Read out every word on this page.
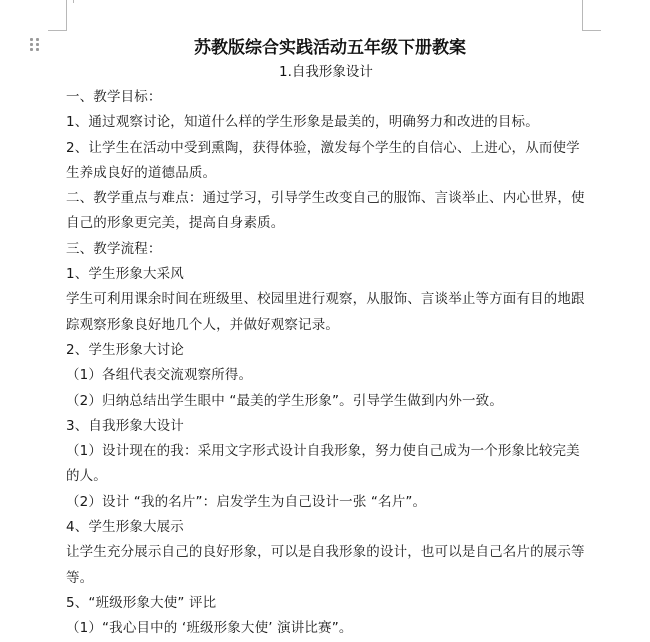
苏教版综合实践活动五年级下册教案
1.自我形象设计
一、教学目标：
1、通过观察讨论，知道什么样的学生形象是最美的，明确努力和改进的目标。
2、让学生在活动中受到熏陶，获得体验，激发每个学生的自信心、上进心，从而使学
生养成良好的道德品质。
二、教学重点与难点：通过学习，引导学生改变自己的服饰、言谈举止、内心世界，使
自己的形象更完美，提高自身素质。
三、教学流程：
1、学生形象大采风
学生可利用课余时间在班级里、校园里进行观察，从服饰、言谈举止等方面有目的地跟
踪观察形象良好地几个人，并做好观察记录。
2、学生形象大讨论
（1）各组代表交流观察所得。
（2）归纳总结出学生眼中 “最美的学生形象”。引导学生做到内外一致。
3、自我形象大设计
（1）设计现在的我：采用文字形式设计自我形象，努力使自己成为一个形象比较完美
的人。
（2）设计 “我的名片”：启发学生为自己设计一张 “名片”。
4、学生形象大展示
让学生充分展示自己的良好形象，可以是自我形象的设计，也可以是自己名片的展示等
等。
5、“班级形象大使” 评比
（1）“我心目中的 ‘班级形象大使’ 演讲比赛”。
